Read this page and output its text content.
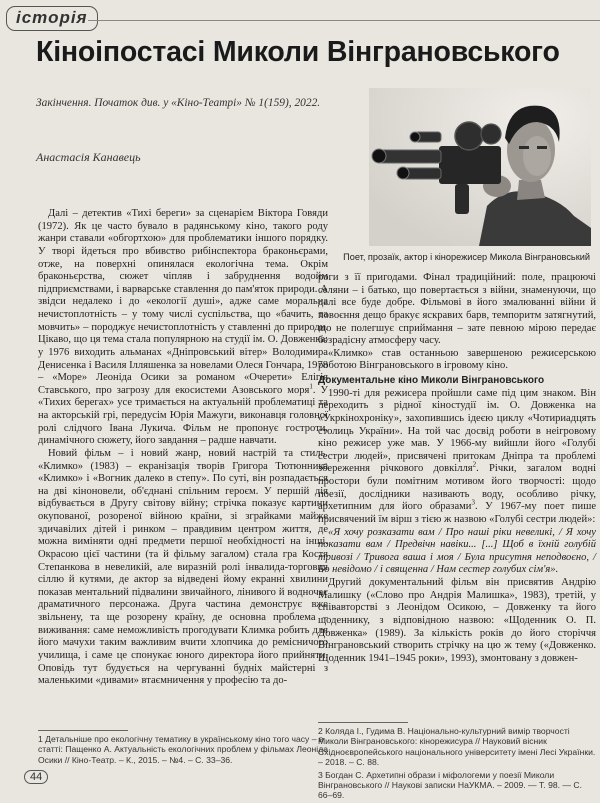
історія
Кіноіпостасі Миколи Вінграновського
Закінчення. Початок див. у «Кіно-Театрі» № 1(159), 2022.
Анастасія Канавець
Поет, прозаїк, актор і кінорежисер Микола Вінграновський

Далі – детектив «Тихі береги» за сценарієм Віктора Говяди (1972). Як це часто бувало в радянському кіно, такого роду жанри ставали «обгортхою» для проблематики іншого порядку. У творі йдеться про вбивство рибінспектора браконьєрами, отже, на поверхні опинялася екологічна тема. Окрім браконьєрства, сюжет чіпляв і забруднення водойм підприємствами, і варварське ставлення до пам'яток природи. А звідси недалеко і до «екології душі», адже саме моральна нечистоплотність – у тому числі суспільства, що «бачить, та мовчить» – породжує нечистоплотність у ставленні до природи. Цікаво, що ця тема стала популярною на студії ім. О. Довженка: у 1976 виходить альманах «Дніпровський вітер» Володимира Денисенка і Василя Ілляшенка за новелами Олеся Гончара, 1978 – «Море» Леоніда Осики за романом «Очерети» Елігія Ставського, про загрозу для екосистеми Азовського моря$^1$. У «Тихих берегах» усе тримається на актуальній проблематиці та на акторській грі, передусім Юрія Мажуги, виконавця головної ролі слідчого Івана Лукича. Фільм не пропонує гостроти, динамічного сюжету, його завдання – радше навчати.

Новий фільм – і новий жанр, новий настрій та стиль. «Климко» (1983) – екранізація творів Григора Тютюнника «Климко» і «Вогник далеко в степу». По суті, він розпадається на дві кіноновели, об'єднані спільним героєм. У першій дія відбувається в Другу світову війну; стрічка показує картини окупованої, розореної війною країни, зі зграйками майже здичавілих дітей і ринком – правдивим центром життя, де можна виміняти одні предмети першої необхідності на інші. Окрасою цієї частини (та й фільму загалом) стала гра Костя Степанкова в невеликій, але виразній ролі інвалида-торговця сіллю й кутями, де актор за відведені йому екранні хвилини показав ментальний підвалини звичайного, лінивого й водночас драматичного персонажа. Друга частина демонструє вже звільнену, та ще розорену країну, де основна проблема – виживання: саме неможливість прогодувати Климка робить для його мачухи таким важливим вчити хлопчика до ремісничого училища, і саме це спонукає юного директора його прийняти. Оповідь тут будується на чергуванні будніх майстерні з маленькими «дивами» втаємничення у професію та до-

роги з її пригодами. Фінал традиційний: поле, працюючі селяни – і батько, що повертається з війни, знаменуючи, що далі все буде добре. Фільмові в його змалюванні війни й повоєння дещо бракує яскравих барв, темпоритм затягнутий, що не полегшує сприймання – зате певною мірою передає безрадісну атмосферу часу.

«Климко» став останньою завершеною режисерською роботою Вінграновського в ігровому кіно.

Документальне кіно Миколи Вінграновського

1990-ті для режисера пройшли саме під цим знаком. Він переходить з рідної кіностудії ім. О. Довженка на «Укркінохроніку», захопившись ідеєю циклу «Чотириадцять столиць України». На той час досвід роботи в неігровому кіно режисер уже мав. У 1966-му вийшли його «Голубі сестри людей», присвячені притокам Дніпра та проблемі збереження річкового довкілля$^2$. Річки, загалом водні простори були помітним мотивом його творчості: щодо поезії, дослідники називають воду, особливо річку, архетипним для його образами$^3$. У 1967-му поет пише присвячений їм вірш з тією ж назвою «Голубі сестри людей»:

«Я хочу розказати вам / Про наші ріки невеликі, / Я хочу показати вам / Предвічн навіки... [...] Щоб в їхній голубій тривозі / Тривога ваша і моя / Була присутня неподвоєно, / Бо невідомо / і священна / Нам сестер голубих сім'я».

Другий документальний фільм він присвятив Андрію Малишку («Слово про Андрія Малишка», 1983), третій, у співавторстві з Леонідом Осикою, – Довженку та його щоденнику, з відповідною назвою: «Щоденник О. П. Довженка» (1989). За кількість років до його сторіччя Вінграновський створить стрічку на цю ж тему («Довженко. Щоденник 1941–1945 роки», 1993), змонтовану з довжен-

1 Детальніше про екологічну тематику в українському кіно того часу – в статті: Пащенко А. Актуальність екологічних проблем у фільмах Леоніда Осики // Кіно-Театр. – К., 2015. – №4. – С. 33–36.

2 Коляда І., Гудима В. Національно-культурний вимір творчості Миколи Вінграновського: кінорежисура // Науковий вісник Східноєвропейського національного університету імені Лесі Українки. – 2018. – С. 88.

3 Богдан С. Архетипні образи і міфологеми у поезії Миколи Вінграновського // Наукові записки НаУКМА. – 2009. — Т. 98. — С. 66–69.

44
